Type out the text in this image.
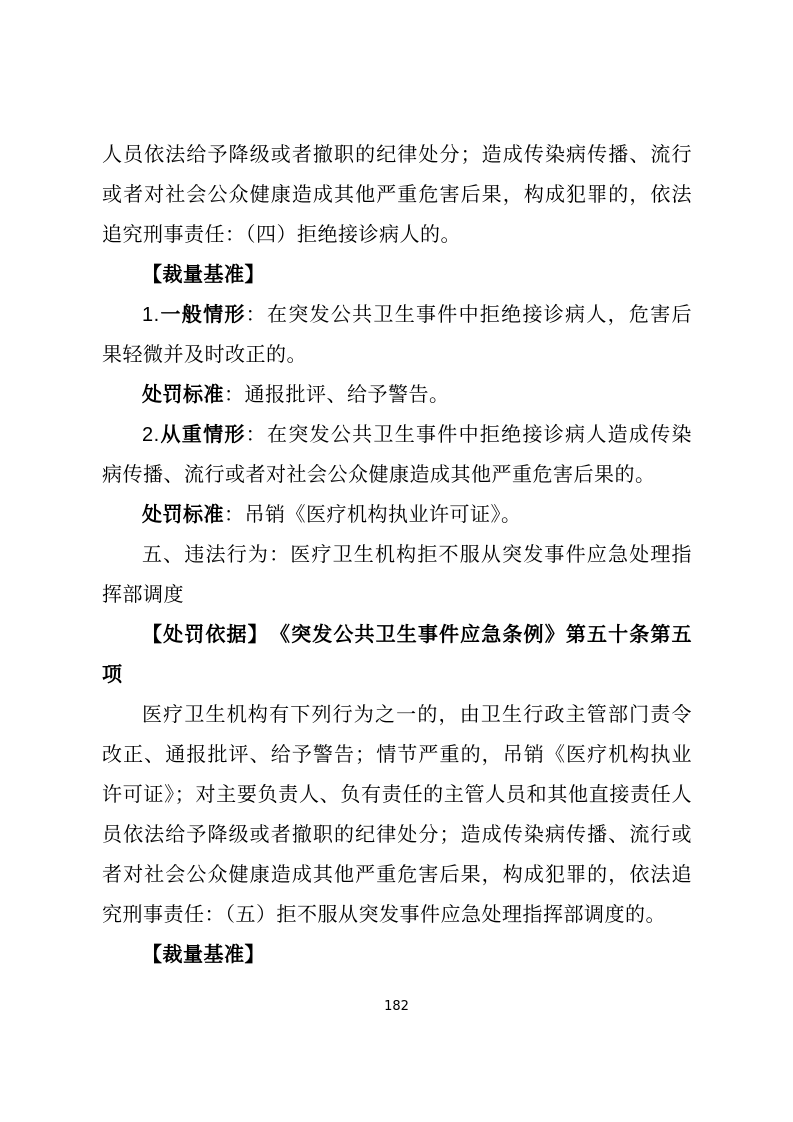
人员依法给予降级或者撤职的纪律处分；造成传染病传播、流行或者对社会公众健康造成其他严重危害后果，构成犯罪的，依法追究刑事责任：（四）拒绝接诊病人的。

【裁量基准】

1.一般情形：在突发公共卫生事件中拒绝接诊病人，危害后果轻微并及时改正的。

处罚标准：通报批评、给予警告。

2.从重情形：在突发公共卫生事件中拒绝接诊病人造成传染病传播、流行或者对社会公众健康造成其他严重危害后果的。

处罚标准：吊销《医疗机构执业许可证》。

五、违法行为：医疗卫生机构拒不服从突发事件应急处理指挥部调度

【处罚依据】　《突发公共卫生事件应急条例》第五十条第五项

医疗卫生机构有下列行为之一的，由卫生行政主管部门责令改正、通报批评、给予警告；情节严重的，吊销《医疗机构执业许可证》；对主要负责人、负有责任的主管人员和其他直接责任人员依法给予降级或者撤职的纪律处分；造成传染病传播、流行或者对社会公众健康造成其他严重危害后果，构成犯罪的，依法追究刑事责任：（五）拒不服从突发事件应急处理指挥部调度的。

【裁量基准】

182
